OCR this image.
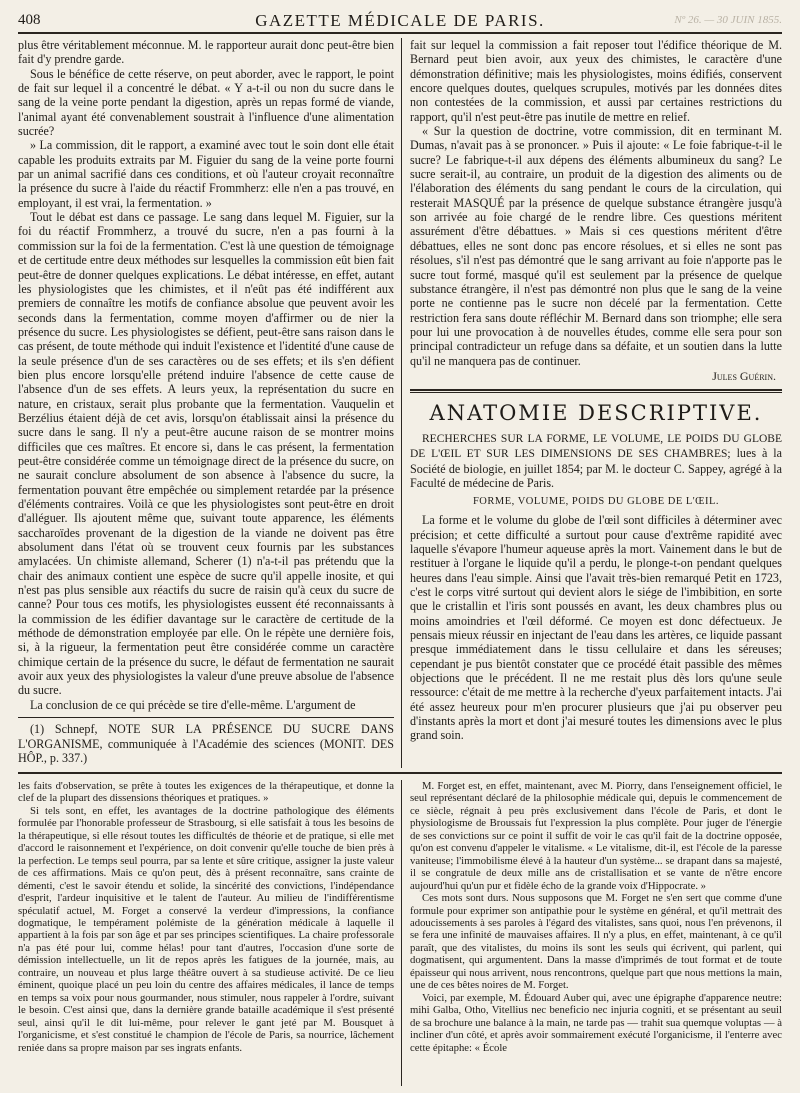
408	GAZETTE MÉDICALE DE PARIS.	Nº 26. — 30 JUIN 1855.

plus être véritablement méconnue. M. le rapporteur aurait donc peut-être bien fait d'y prendre garde.

Sous le bénéfice de cette réserve, on peut aborder, avec le rapport, le point de fait sur lequel il a concentré le débat. « Y a-t-il ou non du sucre dans le sang de la veine porte pendant la digestion, après un repas formé de viande, l'animal ayant été convenablement soustrait à l'influence d'une alimentation sucrée?

» La commission, dit le rapport, a examiné avec tout le soin dont elle était capable les produits extraits par M. Figuier du sang de la veine porte fourni par un animal sacrifié dans ces conditions, et où l'auteur croyait reconnaître la présence du sucre à l'aide du réactif Frommherz: elle n'en a pas trouvé, en employant, il est vrai, la fermentation. »

Tout le débat est dans ce passage. Le sang dans lequel M. Figuier, sur la foi du réactif Frommherz, a trouvé du sucre, n'en a pas fourni à la commission sur la foi de la fermentation. C'est là une question de témoignage et de certitude entre deux méthodes sur lesquelles la commission eût bien fait peut-être de donner quelques explications. Le débat intéresse, en effet, autant les physiologistes que les chimistes, et il n'eût pas été indifférent aux premiers de connaître les motifs de confiance absolue que peuvent avoir les seconds dans la fermentation, comme moyen d'affirmer ou de nier la présence du sucre. Les physiologistes se défient, peut-être sans raison dans le cas présent, de toute méthode qui induit l'existence et l'identité d'une cause de la seule présence d'un de ses caractères ou de ses effets; et ils s'en défient bien plus encore lorsqu'elle prétend induire l'absence de cette cause de l'absence d'un de ses effets. A leurs yeux, la représentation du sucre en nature, en cristaux, serait plus probante que la fermentation. Vauquelin et Berzélius étaient déjà de cet avis, lorsqu'on établissait ainsi la présence du sucre dans le sang. Il n'y a peut-être aucune raison de se montrer moins difficiles que ces maîtres. Et encore si, dans le cas présent, la fermentation peut-être considérée comme un témoignage direct de la présence du sucre, on ne saurait conclure absolument de son absence à l'absence du sucre, la fermentation pouvant être empêchée ou simplement retardée par la présence d'éléments contraires. Voilà ce que les physiologistes sont peut-être en droit d'alléguer. Ils ajoutent même que, suivant toute apparence, les éléments saccharoïdes provenant de la digestion de la viande ne doivent pas être absolument dans l'état où se trouvent ceux fournis par les substances amylacées. Un chimiste allemand, Scherer (1) n'a-t-il pas prétendu que la chair des animaux contient une espèce de sucre qu'il appelle inosite, et qui n'est pas plus sensible aux réactifs du sucre de raisin qu'à ceux du sucre de canne? Pour tous ces motifs, les physiologistes eussent été reconnaissants à la commission de les édifier davantage sur le caractère de certitude de la méthode de démonstration employée par elle. On le répète une dernière fois, si, à la rigueur, la fermentation peut être considérée comme un caractère chimique certain de la présence du sucre, le défaut de fermentation ne saurait avoir aux yeux des physiologistes la valeur d'une preuve absolue de l'absence du sucre.

La conclusion de ce qui précède se tire d'elle-même. L'argument de

(1) Schnepf, NOTE SUR LA PRÉSENCE DU SUCRE DANS L'ORGANISME, communiquée à l'Académie des sciences (MONIT. DES HÔP., p. 337.)

fait sur lequel la commission a fait reposer tout l'édifice théorique de M. Bernard peut bien avoir, aux yeux des chimistes, le caractère d'une démonstration définitive; mais les physiologistes, moins édifiés, conservent encore quelques doutes, quelques scrupules, motivés par les données dites non contestées de la commission, et aussi par certaines restrictions du rapport, qu'il n'est peut-être pas inutile de mettre en relief.

« Sur la question de doctrine, votre commission, dit en terminant M. Dumas, n'avait pas à se prononcer. » Puis il ajoute: « Le foie fabrique-t-il le sucre? Le fabrique-t-il aux dépens des éléments albumineux du sang? Le sucre serait-il, au contraire, un produit de la digestion des aliments ou de l'élaboration des éléments du sang pendant le cours de la circulation, qui resterait MASQUÉ par la présence de quelque substance étrangère jusqu'à son arrivée au foie chargé de le rendre libre. Ces questions méritent assurément d'être débattues. » Mais si ces questions méritent d'être débattues, elles ne sont donc pas encore résolues, et si elles ne sont pas résolues, s'il n'est pas démontré que le sang arrivant au foie n'apporte pas le sucre tout formé, masqué qu'il est seulement par la présence de quelque substance étrangère, il n'est pas démontré non plus que le sang de la veine porte ne contienne pas le sucre non décelé par la fermentation. Cette restriction fera sans doute réfléchir M. Bernard dans son triomphe; elle sera pour lui une provocation à de nouvelles études, comme elle sera pour son principal contradicteur un refuge dans sa défaite, et un soutien dans la lutte qu'il ne manquera pas de continuer.

Jules Guérin.
ANATOMIE DESCRIPTIVE.

RECHERCHES SUR LA FORME, LE VOLUME, LE POIDS DU GLOBE DE L'ŒIL ET SUR LES DIMENSIONS DE SES CHAMBRES; lues à la Société de biologie, en juillet 1854; par M. le docteur C. Sappey, agrégé à la Faculté de médecine de Paris.

FORME, VOLUME, POIDS DU GLOBE DE L'ŒIL.

La forme et le volume du globe de l'œil sont difficiles à déterminer avec précision; et cette difficulté a surtout pour cause d'extrême rapidité avec laquelle s'évapore l'humeur aqueuse après la mort. Vainement dans le but de restituer à l'organe le liquide qu'il a perdu, le plonge-t-on pendant quelques heures dans l'eau simple. Ainsi que l'avait très-bien remarqué Petit en 1723, c'est le corps vitré surtout qui devient alors le siége de l'imbibition, en sorte que le cristallin et l'iris sont poussés en avant, les deux chambres plus ou moins amoindries et l'œil déformé. Ce moyen est donc défectueux. Je pensais mieux réussir en injectant de l'eau dans les artères, ce liquide passant presque immédiatement dans le tissu cellulaire et dans les séreuses; cependant je pus bientôt constater que ce procédé était passible des mêmes objections que le précédent. Il ne me restait plus dès lors qu'une seule ressource: c'était de me mettre à la recherche d'yeux parfaitement intacts. J'ai été assez heureux pour m'en procurer plusieurs que j'ai pu observer peu d'instants après la mort et dont j'ai mesuré toutes les dimensions avec le plus grand soin.

les faits d'observation, se prête à toutes les exigences de la thérapeutique, et donne la clef de la plupart des dissensions théoriques et pratiques. »

Si tels sont, en effet, les avantages de la doctrine pathologique des éléments formulée par l'honorable professeur de Strasbourg, si elle satisfait à tous les besoins de la thérapeutique, si elle résout toutes les difficultés de théorie et de pratique, si elle met d'accord le raisonnement et l'expérience, on doit convenir qu'elle touche de bien près à la perfection. Le temps seul pourra, par sa lente et sûre critique, assigner la juste valeur de ces affirmations. Mais ce qu'on peut, dès à présent reconnaître, sans crainte de démenti, c'est le savoir étendu et solide, la sincérité des convictions, l'indépendance d'esprit, l'ardeur inquisitive et le talent de l'auteur. Au milieu de l'indifférentisme spéculatif actuel, M. Forget a conservé la verdeur d'impressions, la confiance dogmatique, le tempérament polémiste de la génération médicale à laquelle il appartient à la fois par son âge et par ses principes scientifiques. La chaire professorale n'a pas été pour lui, comme hélas! pour tant d'autres, l'occasion d'une sorte de démission intellectuelle, un lit de repos après les fatigues de la journée, mais, au contraire, un nouveau et plus large théâtre ouvert à sa studieuse activité. De ce lieu éminent, quoique placé un peu loin du centre des affaires médicales, il lance de temps en temps sa voix pour nous gourmander, nous stimuler, nous rappeler à l'ordre, suivant le besoin. C'est ainsi que, dans la dernière grande bataille académique il s'est présenté seul, ainsi qu'il le dit lui-même, pour relever le gant jeté par M. Bousquet à l'organicisme, et s'est constitué le champion de l'école de Paris, sa nourrice, lâchement reniée dans sa propre maison par ses ingrats enfants.

M. Forget est, en effet, maintenant, avec M. Piorry, dans l'enseignement officiel, le seul représentant déclaré de la philosophie médicale qui, depuis le commencement de ce siècle, régnait à peu près exclusivement dans l'école de Paris, et dont le physiologisme de Broussais fut l'expression la plus complète. Pour juger de l'énergie de ses convictions sur ce point il suffit de voir le cas qu'il fait de la doctrine opposée, qu'on est convenu d'appeler le vitalisme. « Le vitalisme, dit-il, est l'école de la paresse vaniteuse; l'immobilisme élevé à la hauteur d'un système... se drapant dans sa majesté, il se congratule de deux mille ans de cristallisation et se vante de n'être encore aujourd'hui qu'un pur et fidèle écho de la grande voix d'Hippocrate. »

Ces mots sont durs. Nous supposons que M. Forget ne s'en sert que comme d'une formule pour exprimer son antipathie pour le système en général, et qu'il mettrait des adoucissements à ses paroles à l'égard des vitalistes, sans quoi, nous l'en prévenons, il se fera une infinité de mauvaises affaires. Il n'y a plus, en effet, maintenant, à ce qu'il paraît, que des vitalistes, du moins ils sont les seuls qui écrivent, qui parlent, qui dogmatisent, qui argumentent. Dans la masse d'imprimés de tout format et de toute épaisseur qui nous arrivent, nous rencontrons, quelque part que nous mettions la main, une de ces bêtes noires de M. Forget.

Voici, par exemple, M. Édouard Auber qui, avec une épigraphe d'apparence neutre: mihi Galba, Otho, Vitellius nec beneficio nec injuria cogniti, et se présentant au seuil de sa brochure une balance à la main, ne tarde pas — trahit sua quemque voluptas — à incliner d'un côté, et après avoir sommairement exécuté l'organicisme, il l'enterre avec cette épitaphe: « École
